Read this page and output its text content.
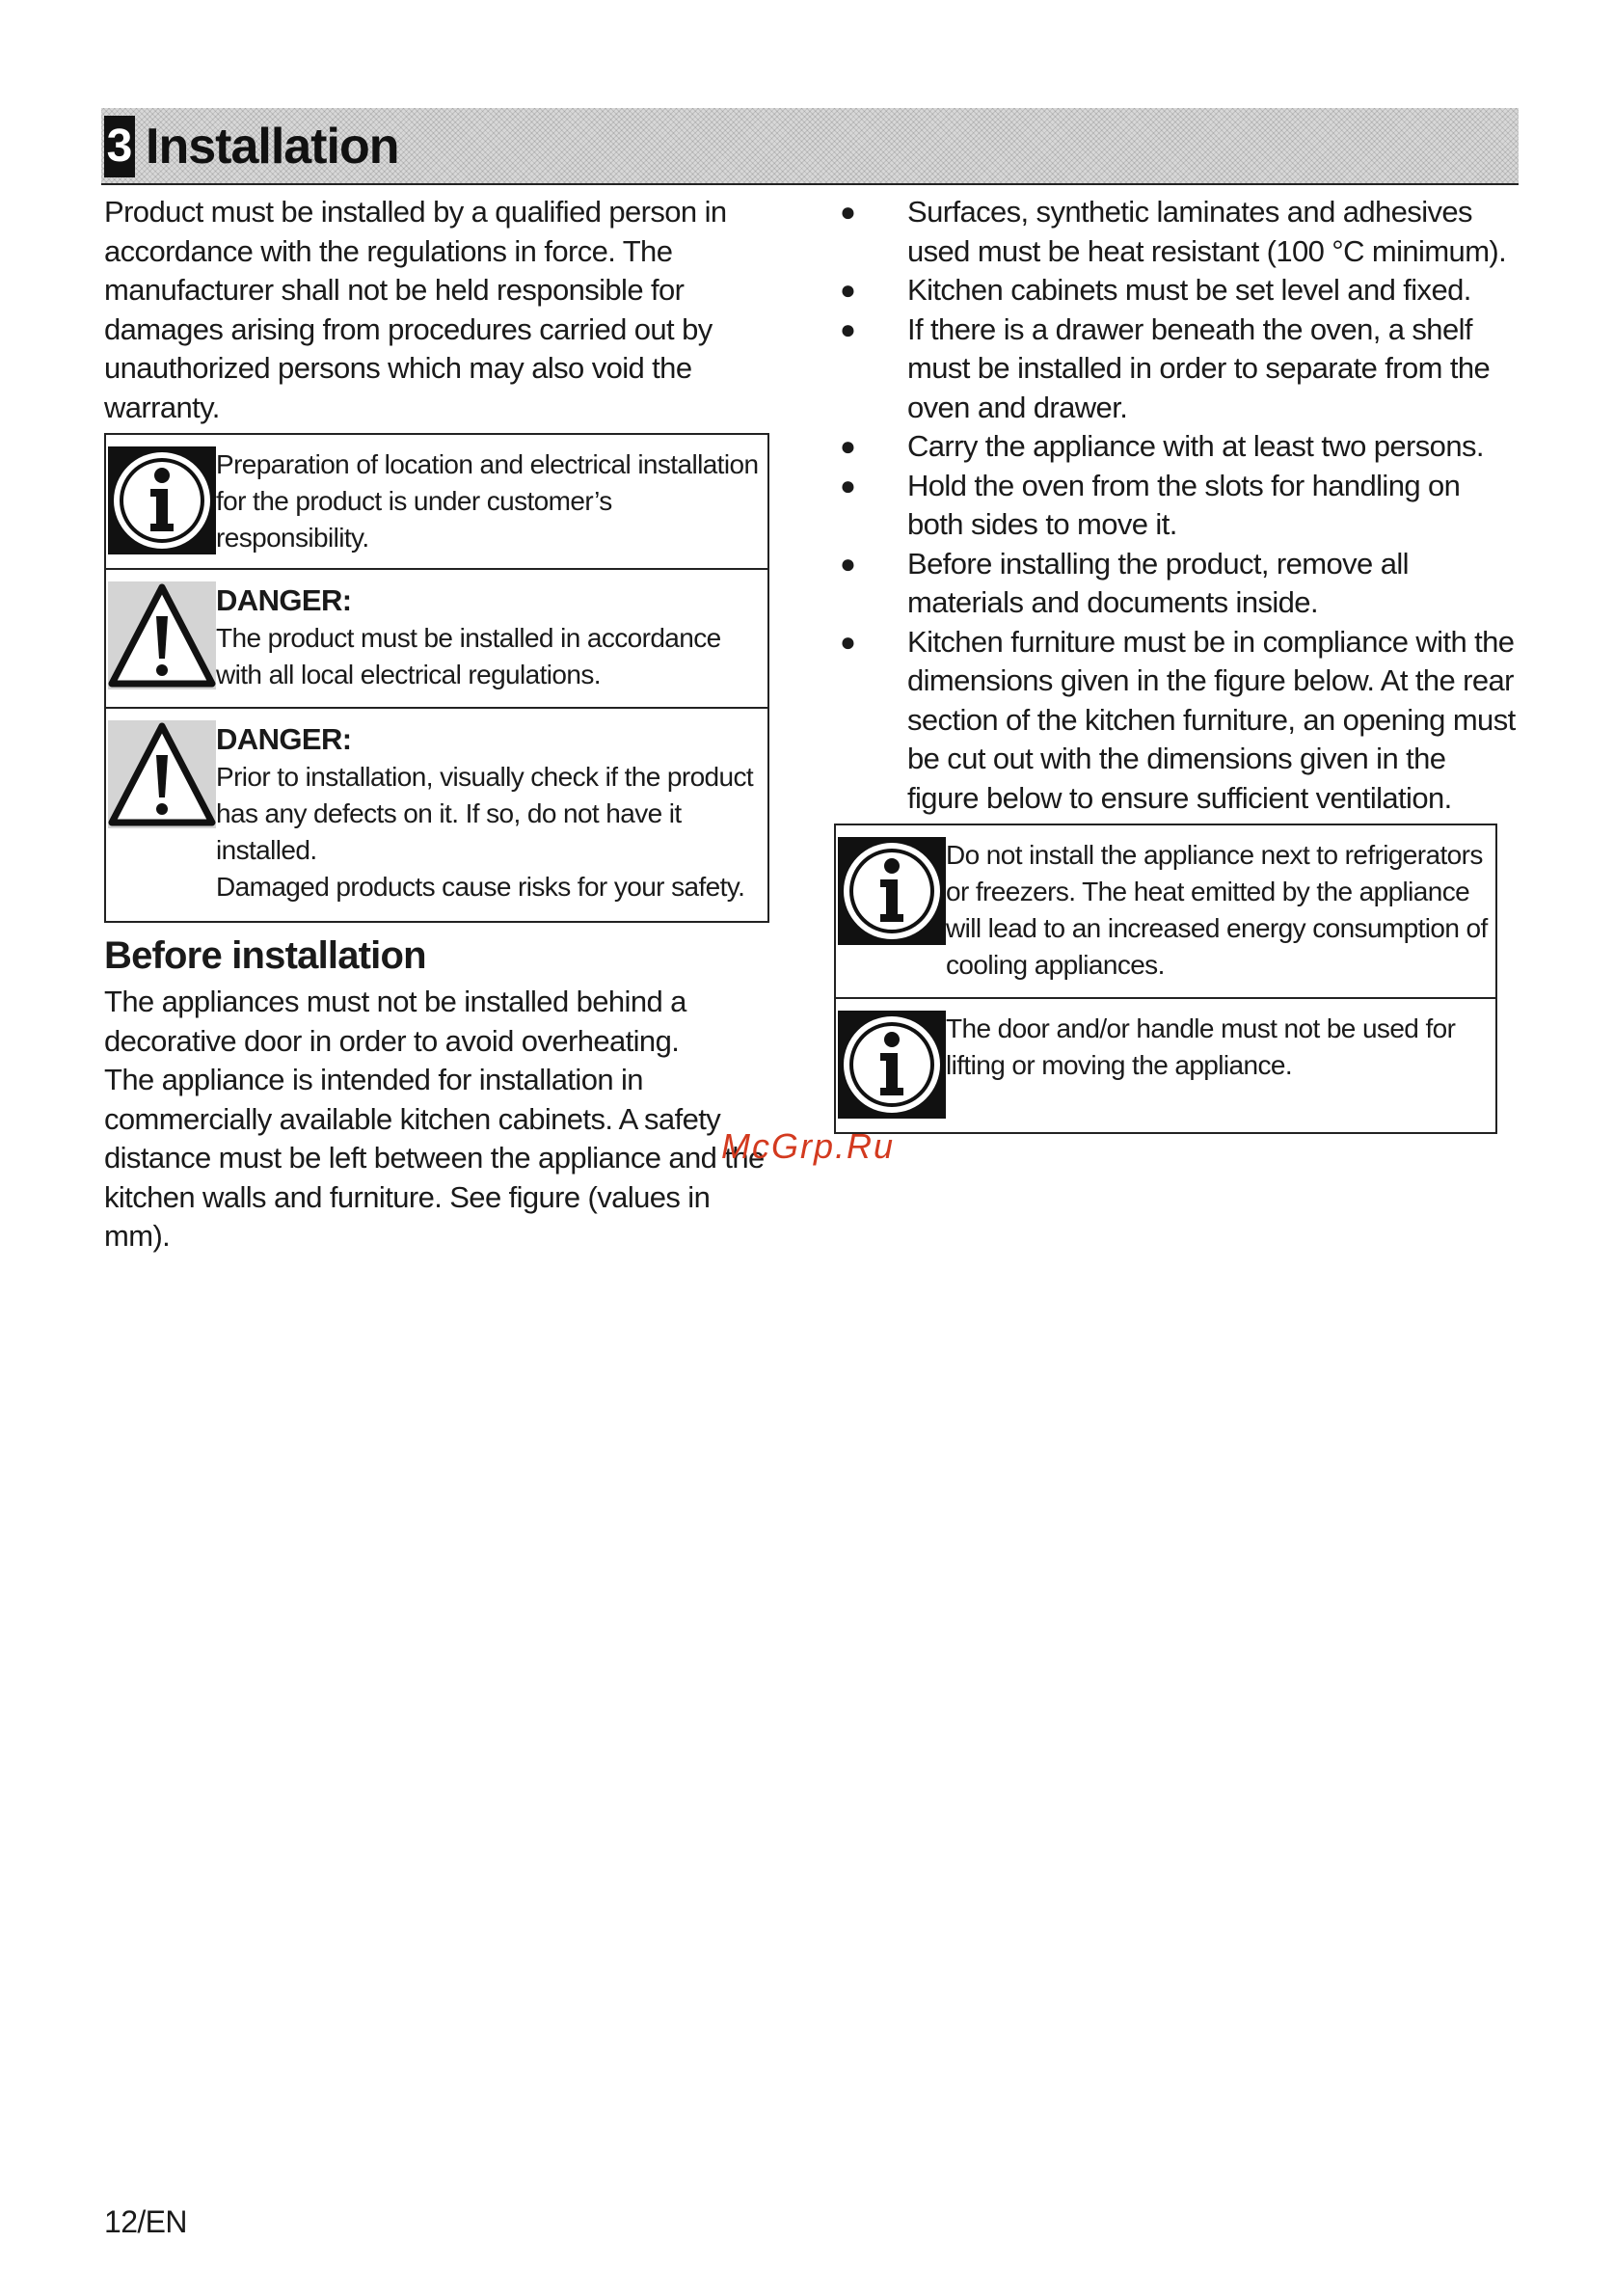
3 Installation

Product must be installed by a qualified person in accordance with the regulations in force. The manufacturer shall not be held responsible for damages arising from procedures carried out by unauthorized persons which may also void the warranty.

Preparation of location and electrical installation for the product is under customer’s responsibility.
DANGER:
The product must be installed in accordance with all local electrical regulations.
DANGER:
Prior to installation, visually check if the product has any defects on it. If so, do not have it installed.
Damaged products cause risks for your safety.
Before installation

The appliances must not be installed behind a decorative door in order to avoid overheating.

The appliance is intended for installation in commercially available kitchen cabinets. A safety distance must be left between the appliance and the kitchen walls and furniture. See figure (values in mm).

● Surfaces, synthetic laminates and adhesives used must be heat resistant (100 °C minimum).
● Kitchen cabinets must be set level and fixed.
● If there is a drawer beneath the oven, a shelf must be installed in order to separate from the oven and drawer.
● Carry the appliance with at least two persons.
● Hold the oven from the slots for handling on both sides to move it.
● Before installing the product, remove all materials and documents inside.
● Kitchen furniture must be in compliance with the dimensions given in the figure below. At the rear section of the kitchen furniture, an opening must be cut out with the dimensions given in the figure below to ensure sufficient ventilation.
Do not install the appliance next to refrigerators or freezers. The heat emitted by the appliance will lead to an increased energy consumption of cooling appliances.
The door and/or handle must not be used for lifting or moving the appliance.
McGrp.Ru
12/EN
